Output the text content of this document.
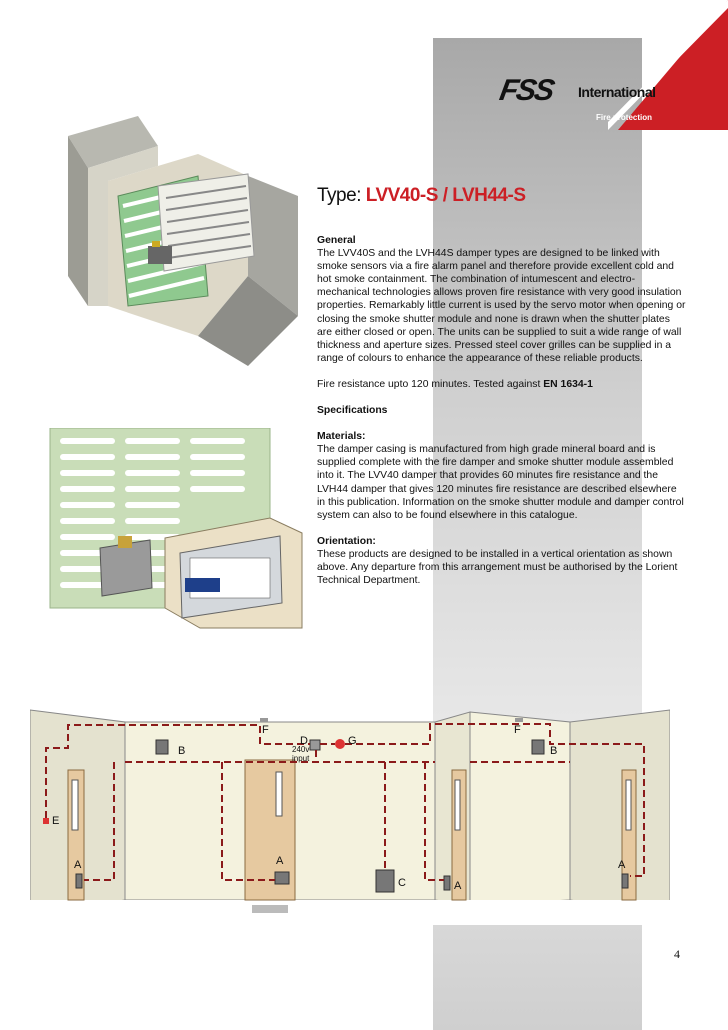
FSS International
Fire protection
Type: LVV40-S / LVH44-S

General
The LVV40S and the LVH44S damper types are designed to be linked with smoke sensors via a fire alarm panel and therefore provide excellent cold and hot smoke containment. The combination of intumescent and electro-mechanical technologies allows proven fire resistance with very good insulation properties. Remarkably little current is used by the servo motor when opening or closing the smoke shutter module and none is drawn when the shutter plates are either closed or open. The units can be supplied to suit a wide range of wall thickness and aperture sizes. Pressed steel cover grilles can be supplied in a range of colours to enhance the appearance of these reliable products.

Fire resistance upto 120 minutes. Tested against EN 1634-1

Specifications

Materials:
The damper casing is manufactured from high grade mineral board and is supplied complete with the fire damper and smoke shutter module assembled into it. The LVV40 damper that provides 60 minutes fire resistance and the LVH44 damper that gives 120 minutes fire resistance are described elsewhere in this publication. Information on the smoke shutter module and damper control system can also to be found elsewhere in this catalogue.

Orientation:
These products are designed to be installed in a vertical orientation as shown above. Any departure from this arrangement must be authorised by the Lorient Technical Department.

B	B
F	F
D	G
240v
input
E
A	A
A
A
C
4
